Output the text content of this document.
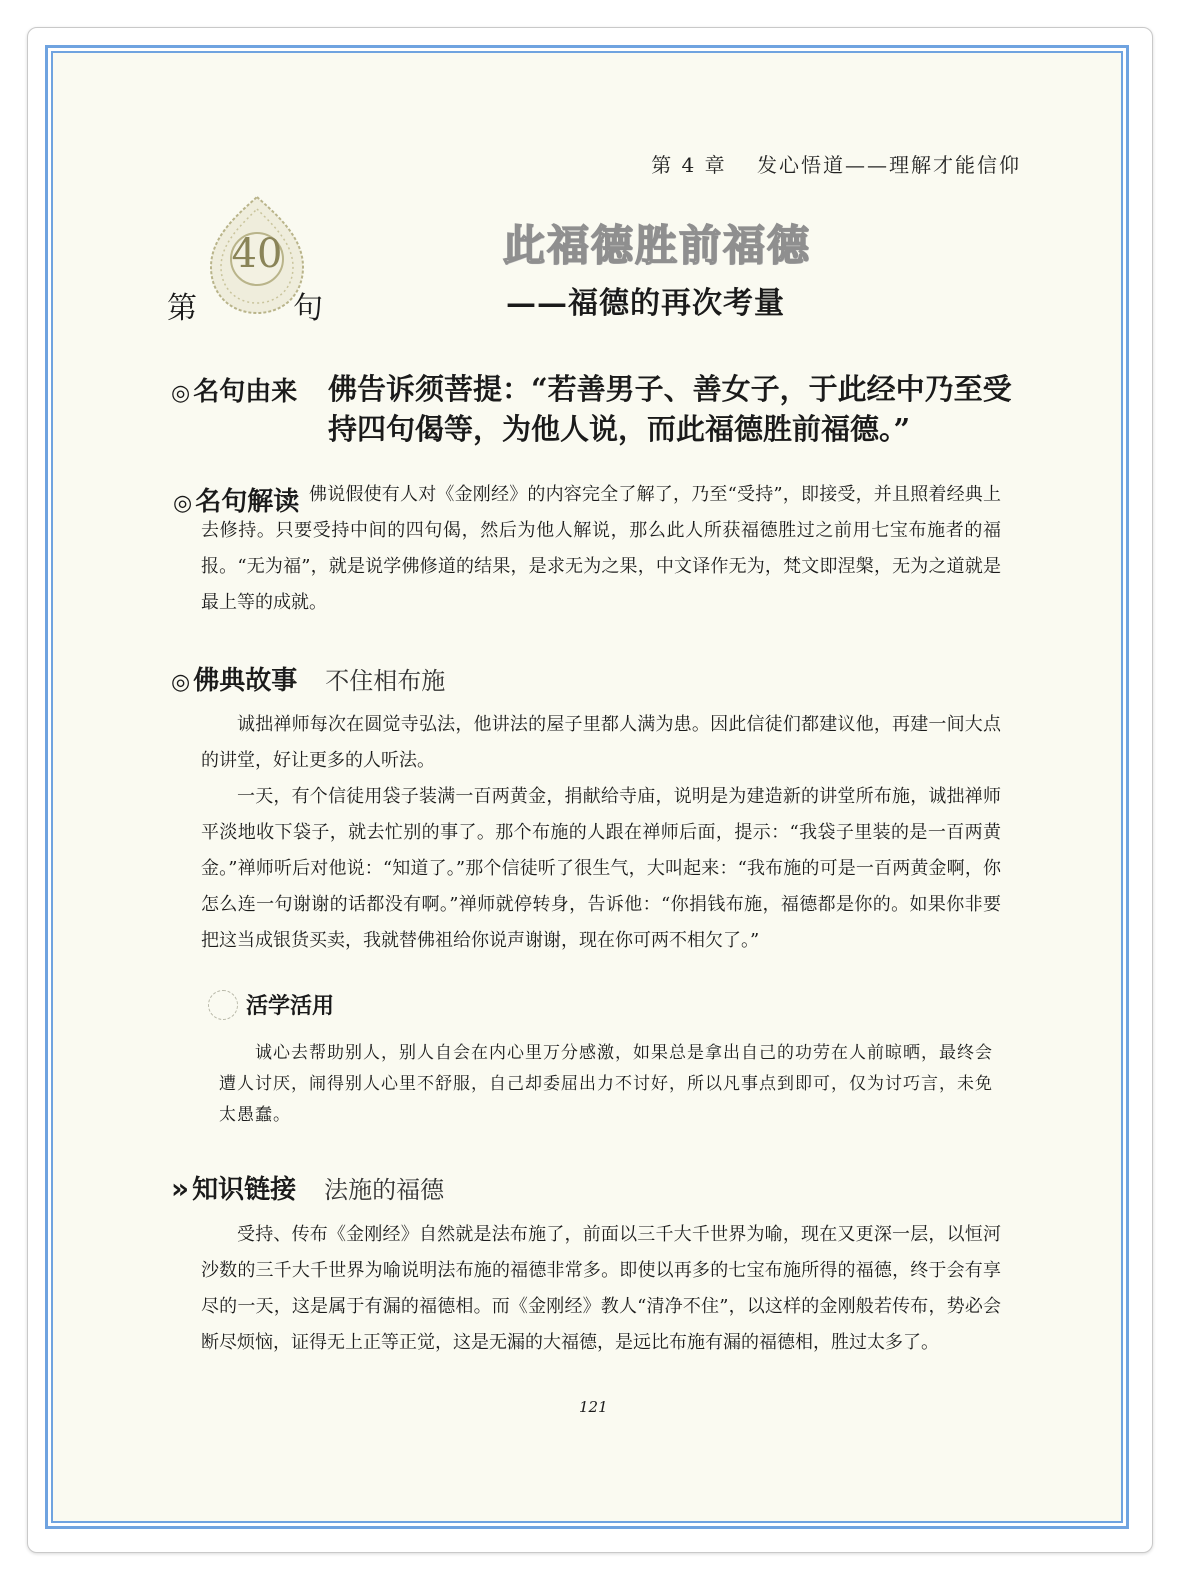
第 4 章　 发心悟道——理解才能信仰
40
第	句
此福德胜前福德
——福德的再次考量
◎ 名句由来 佛告诉须菩提：“若善男子、善女子，于此经中乃至受
持四句偈等，为他人说，而此福德胜前福德。”
◎ 名句解读 佛说假使有人对《金刚经》的内容完全了解了，乃至“受持”，即接受，并且照着经典上去修持。只要受持中间的四句偈，然后为他人解说，那么此人所获福德胜过之前用七宝布施者的福报。“无为福”，就是说学佛修道的结果，是求无为之果，中文译作无为，梵文即涅槃，无为之道就是最上等的成就。

◎ 佛典故事 不住相布施

诚拙禅师每次在圆觉寺弘法，他讲法的屋子里都人满为患。因此信徒们都建议他，再建一间大点的讲堂，好让更多的人听法。

一天，有个信徒用袋子装满一百两黄金，捐献给寺庙，说明是为建造新的讲堂所布施，诚拙禅师平淡地收下袋子，就去忙别的事了。那个布施的人跟在禅师后面，提示：“我袋子里装的是一百两黄金。”禅师听后对他说：“知道了。”那个信徒听了很生气，大叫起来：“我布施的可是一百两黄金啊，你怎么连一句谢谢的话都没有啊。”禅师就停转身，告诉他：“你捐钱布施，福德都是你的。如果你非要把这当成银货买卖，我就替佛祖给你说声谢谢，现在你可两不相欠了。”

活学活用

诚心去帮助别人，别人自会在内心里万分感激，如果总是拿出自己的功劳在人前晾晒，最终会遭人讨厌，闹得别人心里不舒服，自己却委屈出力不讨好，所以凡事点到即可，仅为讨巧言，未免太愚蠢。

» 知识链接 法施的福德

受持、传布《金刚经》自然就是法布施了，前面以三千大千世界为喻，现在又更深一层，以恒河沙数的三千大千世界为喻说明法布施的福德非常多。即使以再多的七宝布施所得的福德，终于会有享尽的一天，这是属于有漏的福德相。而《金刚经》教人“清净不住”，以这样的金刚般若传布，势必会断尽烦恼，证得无上正等正觉，这是无漏的大福德，是远比布施有漏的福德相，胜过太多了。

121
